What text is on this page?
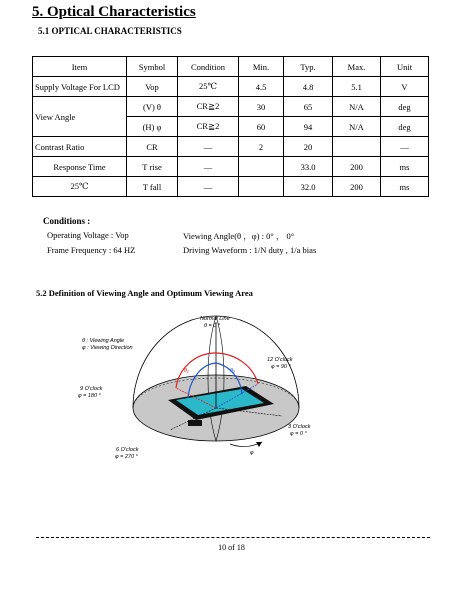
5. Optical Characteristics
5.1 OPTICAL CHARACTERISTICS
Item	Symbol	Condition	Min.	Typ.	Max.	Unit
Supply Voltage For LCD	Vop	25℃	4.5	4.8	5.1	V
View Angle	(V) θ	CR≧2	30	65	N/A	deg
	(H) φ	CR≧2	60	94	N/A	deg
Contrast Ratio	CR	—	2	20		—
Response Time	T rise	—		33.0	200	ms
25℃	T fall	—		32.0	200	ms
Conditions :
Operating Voltage : Vop
Frame Frequency : 64 HZ
Viewing Angle(θ ，φ) : 0° ， 0°
Driving Waveform : 1/N duty , 1/a bias
5.2 Definition of Viewing Angle and Optimum Viewing Area
Normal Line
θ = 0 °
θ : Viewing Angle
φ : Viewing Direction
12 O'clock
φ = 90 °
9 O'clock
φ = 180 °
3 O'clock
φ = 0 °
6 O'clock
φ = 270 °
φ
θ₁	θ₂
10 of 18
